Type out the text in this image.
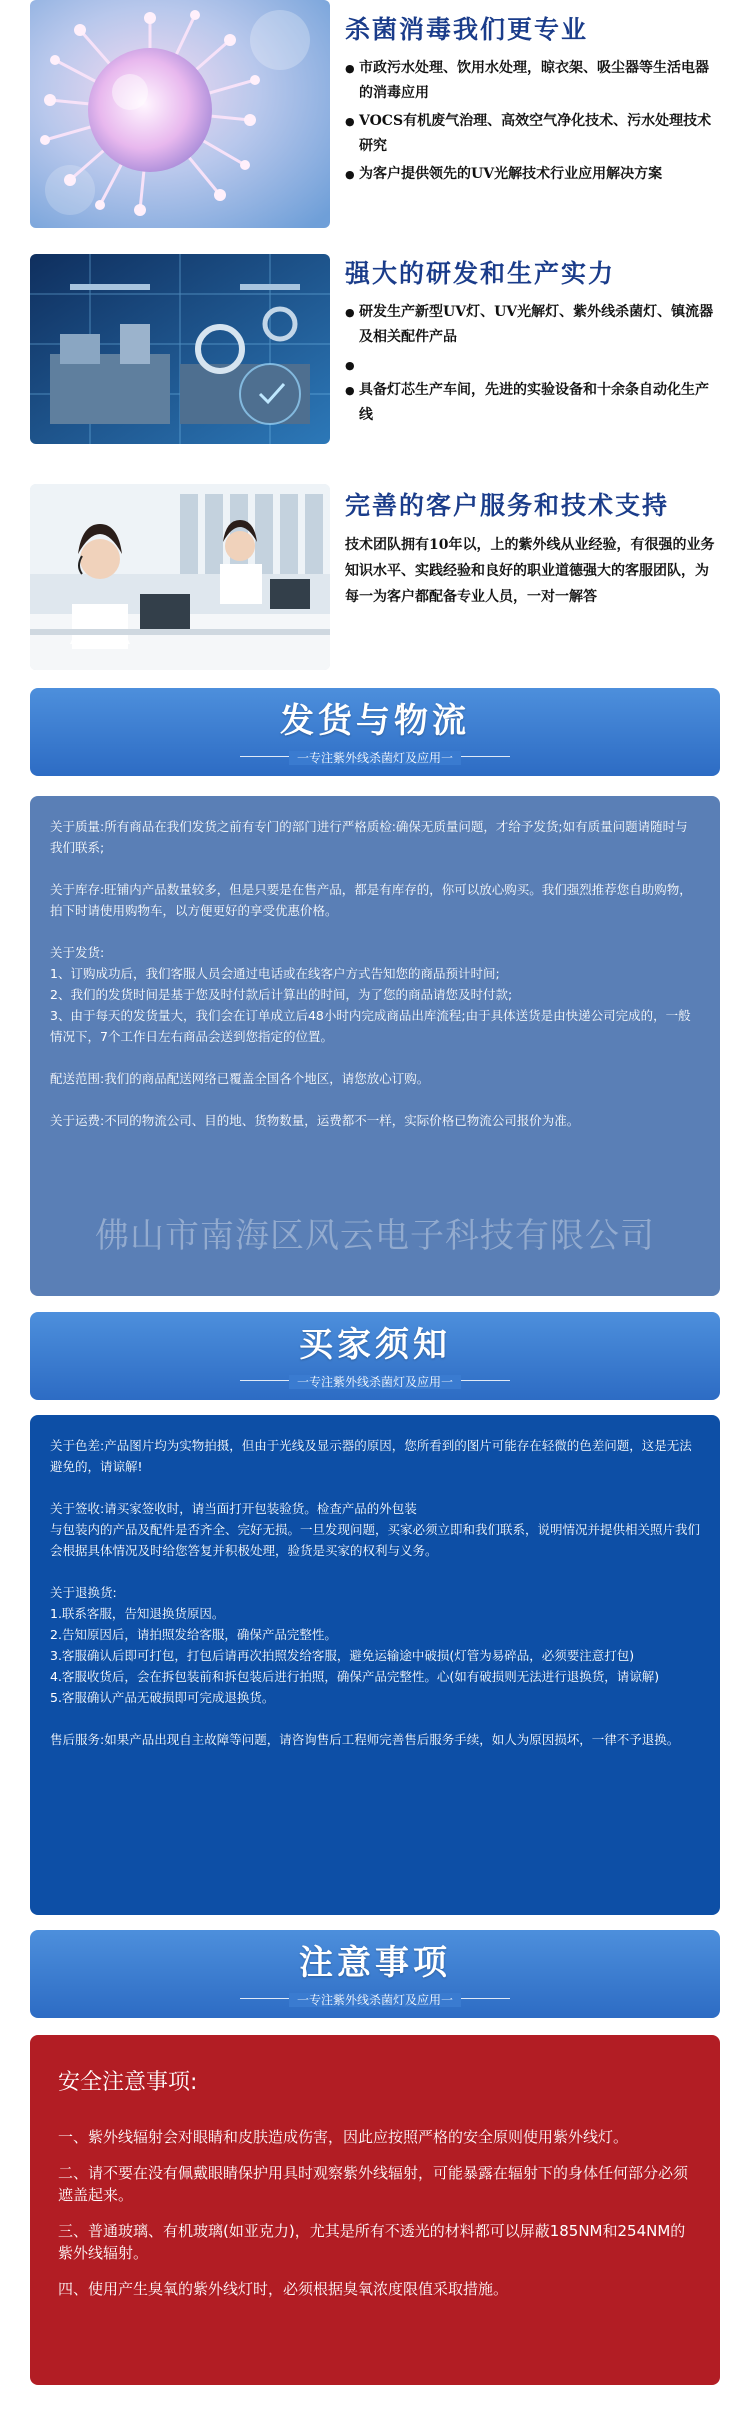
杀菌消毒我们更专业
● 市政污水处理、饮用水处理，晾衣架、吸尘器等生活电器的消毒应用
● VOCS有机废气治理、高效空气净化技术、污水处理技术研究
● 为客户提供领先的UV光解技术行业应用解决方案
强大的研发和生产实力
● 研发生产新型UV灯、UV光解灯、紫外线杀菌灯、镇流器及相关配件产品
●
● 具备灯芯生产车间，先进的实验设备和十余条自动化生产线
完善的客户服务和技术支持

技术团队拥有10年以，上的紫外线从业经验，有很强的业务知识水平、实践经验和良好的职业道德强大的客服团队，为每一为客户都配备专业人员，一对一解答

发货与物流
一专注紫外线杀菌灯及应用一

关于质量:所有商品在我们发货之前有专门的部门进行严格质检:确保无质量问题，才给予发货;如有质量问题请随时与我们联系;

关于库存:旺铺内产品数量较多，但是只要是在售产品，都是有库存的，你可以放心购买。我们强烈推荐您自助购物，拍下时请使用购物车，以方便更好的享受优惠价格。

关于发货:

1、订购成功后，我们客服人员会通过电话或在线客户方式告知您的商品预计时间;

2、我们的发货时间是基于您及时付款后计算出的时间，为了您的商品请您及时付款;

3、由于每天的发货量大，我们会在订单成立后48小时内完成商品出库流程;由于具体送货是由快递公司完成的，一般情况下，7个工作日左右商品会送到您指定的位置。

配送范围:我们的商品配送网络已覆盖全国各个地区，请您放心订购。

关于运费:不同的物流公司、目的地、货物数量，运费都不一样，实际价格已物流公司报价为准。

佛山市南海区风云电子科技有限公司
买家须知
一专注紫外线杀菌灯及应用一

关于色差:产品图片均为实物拍摄，但由于光线及显示器的原因，您所看到的图片可能存在轻微的色差问题，这是无法避免的，请谅解!

关于签收:请买家签收时，请当面打开包装验货。检查产品的外包装

与包装内的产品及配件是否齐全、完好无损。一旦发现问题，买家必须立即和我们联系，说明情况并提供相关照片我们会根据具体情况及时给您答复并积极处理，验货是买家的权利与义务。

关于退换货:

1.联系客服，告知退换货原因。

2.告知原因后，请拍照发给客服，确保产品完整性。

3.客服确认后即可打包，打包后请再次拍照发给客服，避免运输途中破损(灯管为易碎品，必须要注意打包)

4.客服收货后，会在拆包装前和拆包装后进行拍照，确保产品完整性。心(如有破损则无法进行退换货，请谅解)

5.客服确认产品无破损即可完成退换货。

售后服务:如果产品出现自主故障等问题，请咨询售后工程师完善售后服务手续，如人为原因损坏，一律不予退换。

注意事项
一专注紫外线杀菌灯及应用一
安全注意事项:

一、紫外线辐射会对眼睛和皮肤造成伤害，因此应按照严格的安全原则使用紫外线灯。

二、请不要在没有佩戴眼睛保护用具时观察紫外线辐射，可能暴露在辐射下的身体任何部分必须遮盖起来。

三、普通玻璃、有机玻璃(如亚克力)，尤其是所有不透光的材料都可以屏蔽185NM和254NM的紫外线辐射。

四、使用产生臭氧的紫外线灯时，必须根据臭氧浓度限值采取措施。
